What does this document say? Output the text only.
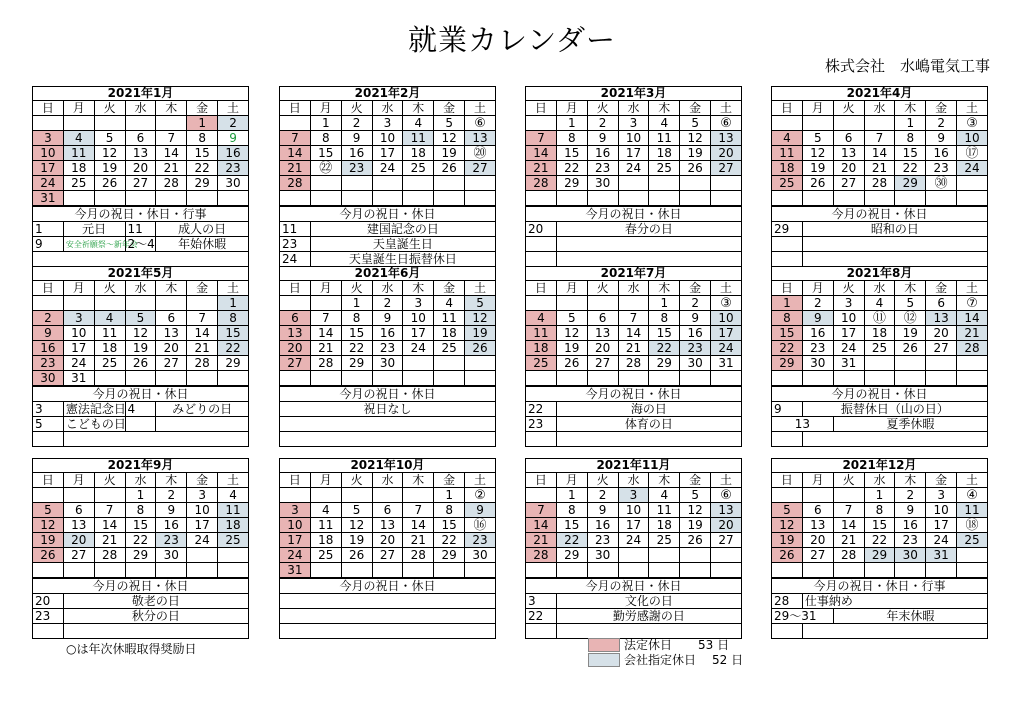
就業カレンダー
株式会社　水嶋電気工事
2021年1月						
日	月	火	水	木	金	土
					1	2
3	4	5	6	7	8	9
10	11	12	13	14	15	16
17	18	19	20	21	22	23
24	25	26	27	28	29	30
31						
今月の祝日・休日・行事			
1	元日	11	成人の日
9	安全祈願祭～新年会	2～4	年始休暇

2021年2月						
日	月	火	水	木	金	土
	1	2	3	4	5	⑥
7	8	9	10	11	12	13
14	15	16	17	18	19	⑳
21	㉒	23	24	25	26	27
28						

今月の祝日・休日	
11	建国記念の日
23	天皇誕生日
24	天皇誕生日振替休日
2021年3月						
日	月	火	水	木	金	土
	1	2	3	4	5	⑥
7	8	9	10	11	12	13
14	15	16	17	18	19	20
21	22	23	24	25	26	27
28	29	30				

今月の祝日・休日	
20	春分の日

2021年4月						
日	月	火	水	木	金	土
				1	2	③
4	5	6	7	8	9	10
11	12	13	14	15	16	⑰
18	19	20	21	22	23	24
25	26	27	28	29	㉚	

今月の祝日・休日	
29	昭和の日

2021年5月						
日	月	火	水	木	金	土
						1
2	3	4	5	6	7	8
9	10	11	12	13	14	15
16	17	18	19	20	21	22
23	24	25	26	27	28	29
30	31					
今月の祝日・休日			
3	憲法記念日	4	みどりの日
5	こどもの日		

2021年6月						
日	月	火	水	木	金	土
		1	2	3	4	5
6	7	8	9	10	11	12
13	14	15	16	17	18	19
20	21	22	23	24	25	26
27	28	29	30			

今月の祝日・休日
祝日なし

2021年7月						
日	月	火	水	木	金	土
				1	2	③
4	5	6	7	8	9	10
11	12	13	14	15	16	17
18	19	20	21	22	23	24
25	26	27	28	29	30	31

今月の祝日・休日	
22	海の日
23	体育の日

2021年8月						
日	月	火	水	木	金	土
1	2	3	4	5	6	⑦
8	9	10	⑪	⑫	13	14
15	16	17	18	19	20	21
22	23	24	25	26	27	28
29	30	31				

今月の祝日・休日		
9	振替休日（山の日）	
13		夏季休暇

2021年9月						
日	月	火	水	木	金	土
			1	2	3	4
5	6	7	8	9	10	11
12	13	14	15	16	17	18
19	20	21	22	23	24	25
26	27	28	29	30		

今月の祝日・休日	
20	敬老の日
23	秋分の日

2021年10月						
日	月	火	水	木	金	土
					1	②
3	4	5	6	7	8	9
10	11	12	13	14	15	⑯
17	18	19	20	21	22	23
24	25	26	27	28	29	30
31						
今月の祝日・休日

2021年11月						
日	月	火	水	木	金	土
	1	2	3	4	5	⑥
7	8	9	10	11	12	13
14	15	16	17	18	19	20
21	22	23	24	25	26	27
28	29	30				

今月の祝日・休日	
3	文化の日
22	勤労感謝の日

2021年12月						
日	月	火	水	木	金	土
			1	2	3	④
5	6	7	8	9	10	11
12	13	14	15	16	17	⑱
19	20	21	22	23	24	25
26	27	28	29	30	31	

今月の祝日・休日・行事		
28	仕事納め	
29～31		年末休暇

○は年次休暇取得奨励日	法定休日	53 日
会社指定休日	52 日
